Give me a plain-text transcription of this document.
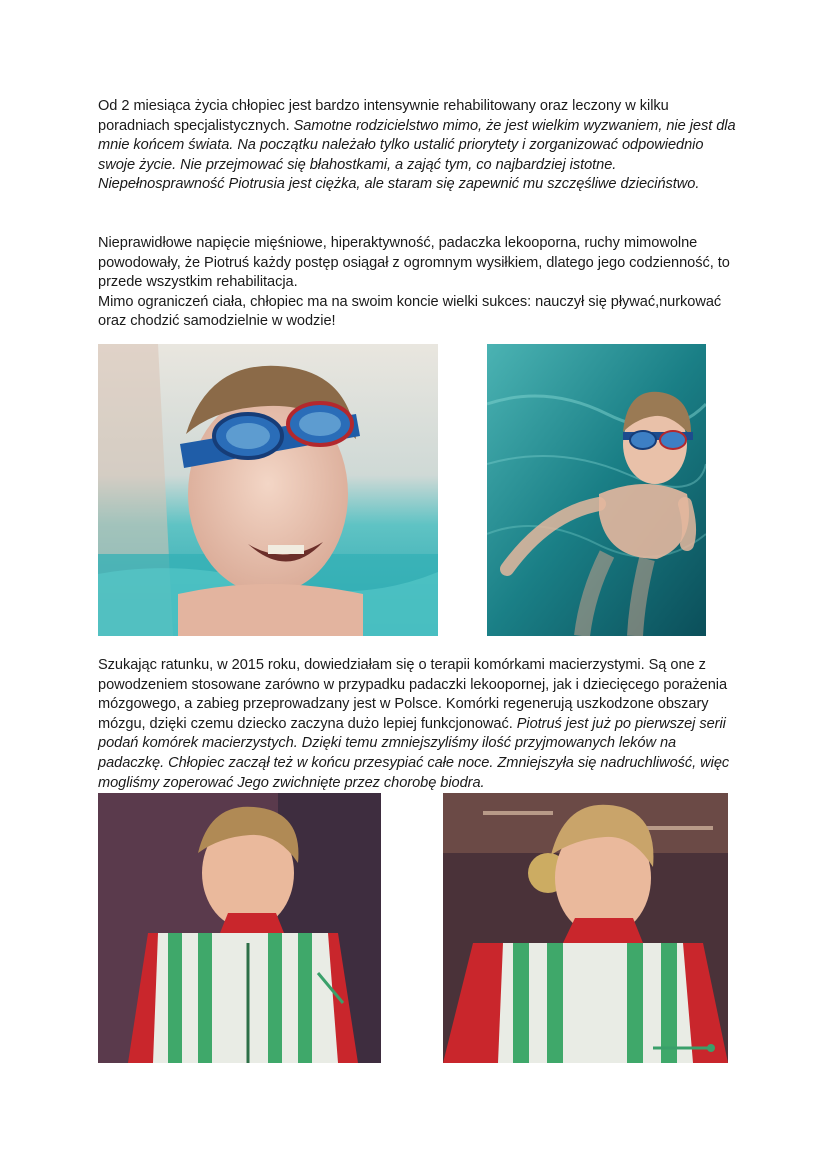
Od 2 miesiąca życia chłopiec jest bardzo intensywnie rehabilitowany oraz leczony w kilku poradniach specjalistycznych. Samotne rodzicielstwo mimo, że jest wielkim wyzwaniem, nie jest dla mnie końcem świata. Na początku należało tylko ustalić priorytety i zorganizować odpowiednio swoje życie. Nie przejmować się błahostkami, a zająć tym, co najbardziej istotne. Niepełnosprawność Piotrusia jest ciężka, ale staram się zapewnić mu szczęśliwe dzieciństwo.

Nieprawidłowe napięcie mięśniowe, hiperaktywność, padaczka lekooporna, ruchy mimowolne powodowały, że Piotruś każdy postęp osiągał z ogromnym wysiłkiem, dlatego jego codzienność, to przede wszystkim rehabilitacja.
Mimo ograniczeń ciała, chłopiec ma na swoim koncie wielki sukces: nauczył się pływać,nurkować oraz chodzić samodzielnie w wodzie!

Szukając ratunku, w 2015 roku, dowiedziałam się o terapii komórkami macierzystymi. Są one z powodzeniem stosowane zarówno w przypadku padaczki lekoopornej, jak i dziecięcego porażenia mózgowego, a zabieg przeprowadzany jest w Polsce. Komórki regenerują uszkodzone obszary mózgu, dzięki czemu dziecko zaczyna dużo lepiej funkcjonować. Piotruś jest już po pierwszej serii podań komórek macierzystych. Dzięki temu zmniejszyliśmy ilość przyjmowanych leków na padaczkę. Chłopiec zaczął też w końcu przesypiać całe noce. Zmniejszyła się nadruchliwość, więc mogliśmy zoperować Jego zwichnięte przez chorobę biodra.
